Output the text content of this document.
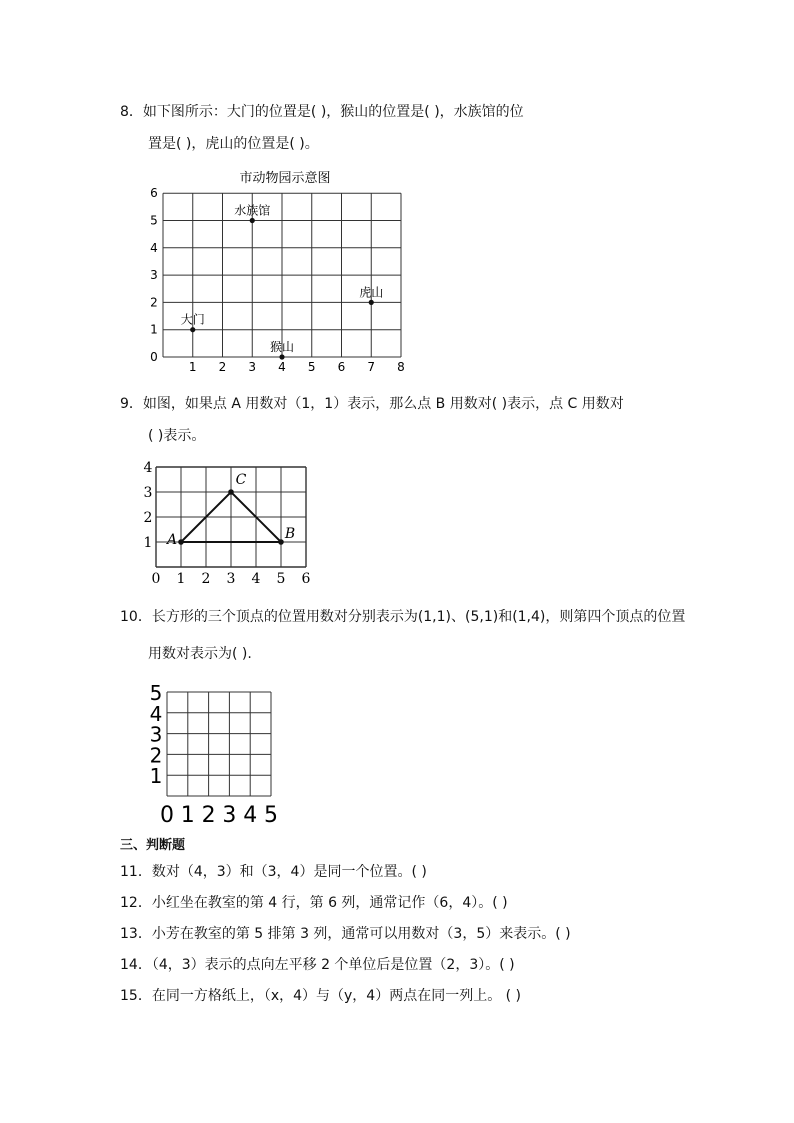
8．如下图所示：大门的位置是( )，猴山的位置是( )，水族馆的位
置是( )，虎山的位置是( )。
市动物园示意图
1 2 3 4 5 6 7 8
0
1
2
3
4
5
6
大门
猴山
水族馆
虎山
9．如图，如果点 A 用数对（1，1）表示，那么点 B 用数对( )表示，点 C 用数对
( )表示。
0 1 2 3 4 5 6
1
2
3
4
A	B
C
10．长方形的三个顶点的位置用数对分别表示为(1,1)、(5,1)和(1,4)，则第四个顶点的位置
用数对表示为( ).
0 1 2 3 4 5
1
2
3
4
5
三、判断题
11．数对（4，3）和（3，4）是同一个位置。( )
12．小红坐在教室的第 4 行，第 6 列，通常记作（6，4）。( )
13．小芳在教室的第 5 排第 3 列，通常可以用数对（3，5）来表示。( )
14．（4，3）表示的点向左平移 2 个单位后是位置（2，3）。( )
15．在同一方格纸上，（x，4）与（y，4）两点在同一列上。 ( )
